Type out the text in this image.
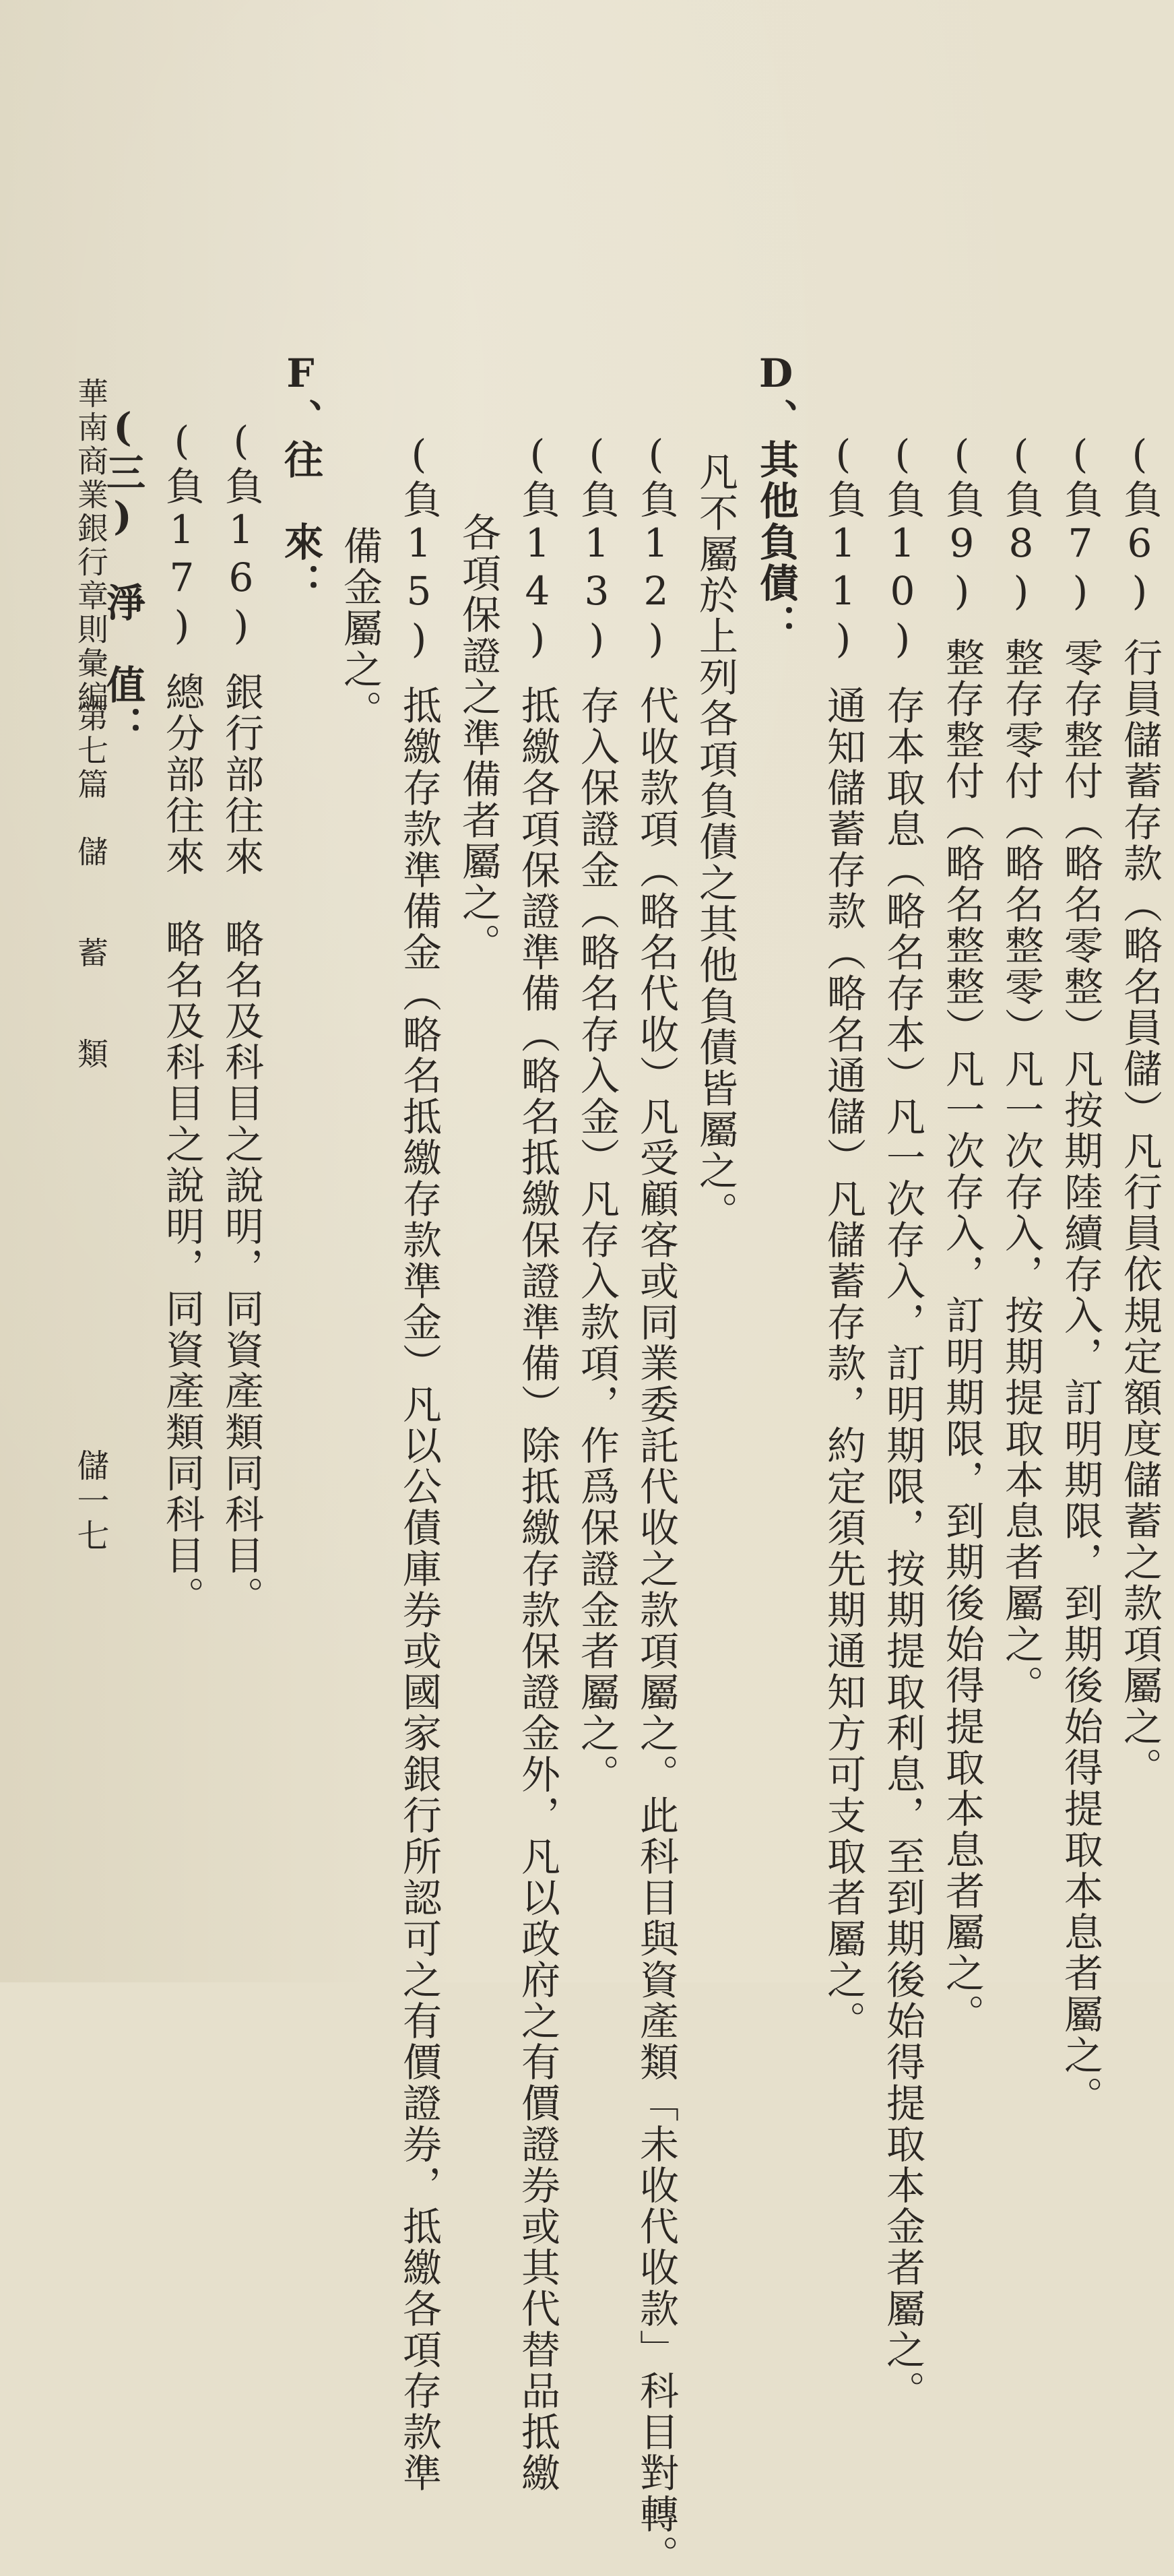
(負6)行員儲蓄存款（略名員儲）凡行員依規定額度儲蓄之款項屬之。
(負7)零存整付（略名零整）凡按期陸續存入，訂明期限，到期後始得提取本息者屬之。
(負8)整存零付（略名整零）凡一次存入，按期提取本息者屬之。
(負9)整存整付（略名整整）凡一次存入，訂明期限，到期後始得提取本息者屬之。
(負10)存本取息（略名存本）凡一次存入，訂明期限，按期提取利息，至到期後始得提取本金者屬之。
(負11)通知儲蓄存款（略名通儲）凡儲蓄存款，約定須先期通知方可支取者屬之。
D、其他負債：
凡不屬於上列各項負債之其他負債皆屬之。
(負12)代收款項（略名代收）凡受顧客或同業委託代收之款項屬之。此科目與資產類「未收代收款」科目對轉。
(負13)存入保證金（略名存入金）凡存入款項，作爲保證金者屬之。
(負14)抵繳各項保證準備（略名抵繳保證準備）除抵繳存款保證金外，凡以政府之有價證券或其代替品抵繳
各項保證之準備者屬之。
(負15)抵繳存款準備金（略名抵繳存款準金）凡以公債庫券或國家銀行所認可之有價證券，抵繳各項存款準
備金屬之。
F、往　來：
(負16)銀行部往來　略名及科目之說明，同資產類同科目。
(負17)總分部往來　略名及科目之說明，同資產類同科目。
(三)　淨　值：
華南商業銀行章則彙編
第七篇　儲　　蓄　　類
儲一七
